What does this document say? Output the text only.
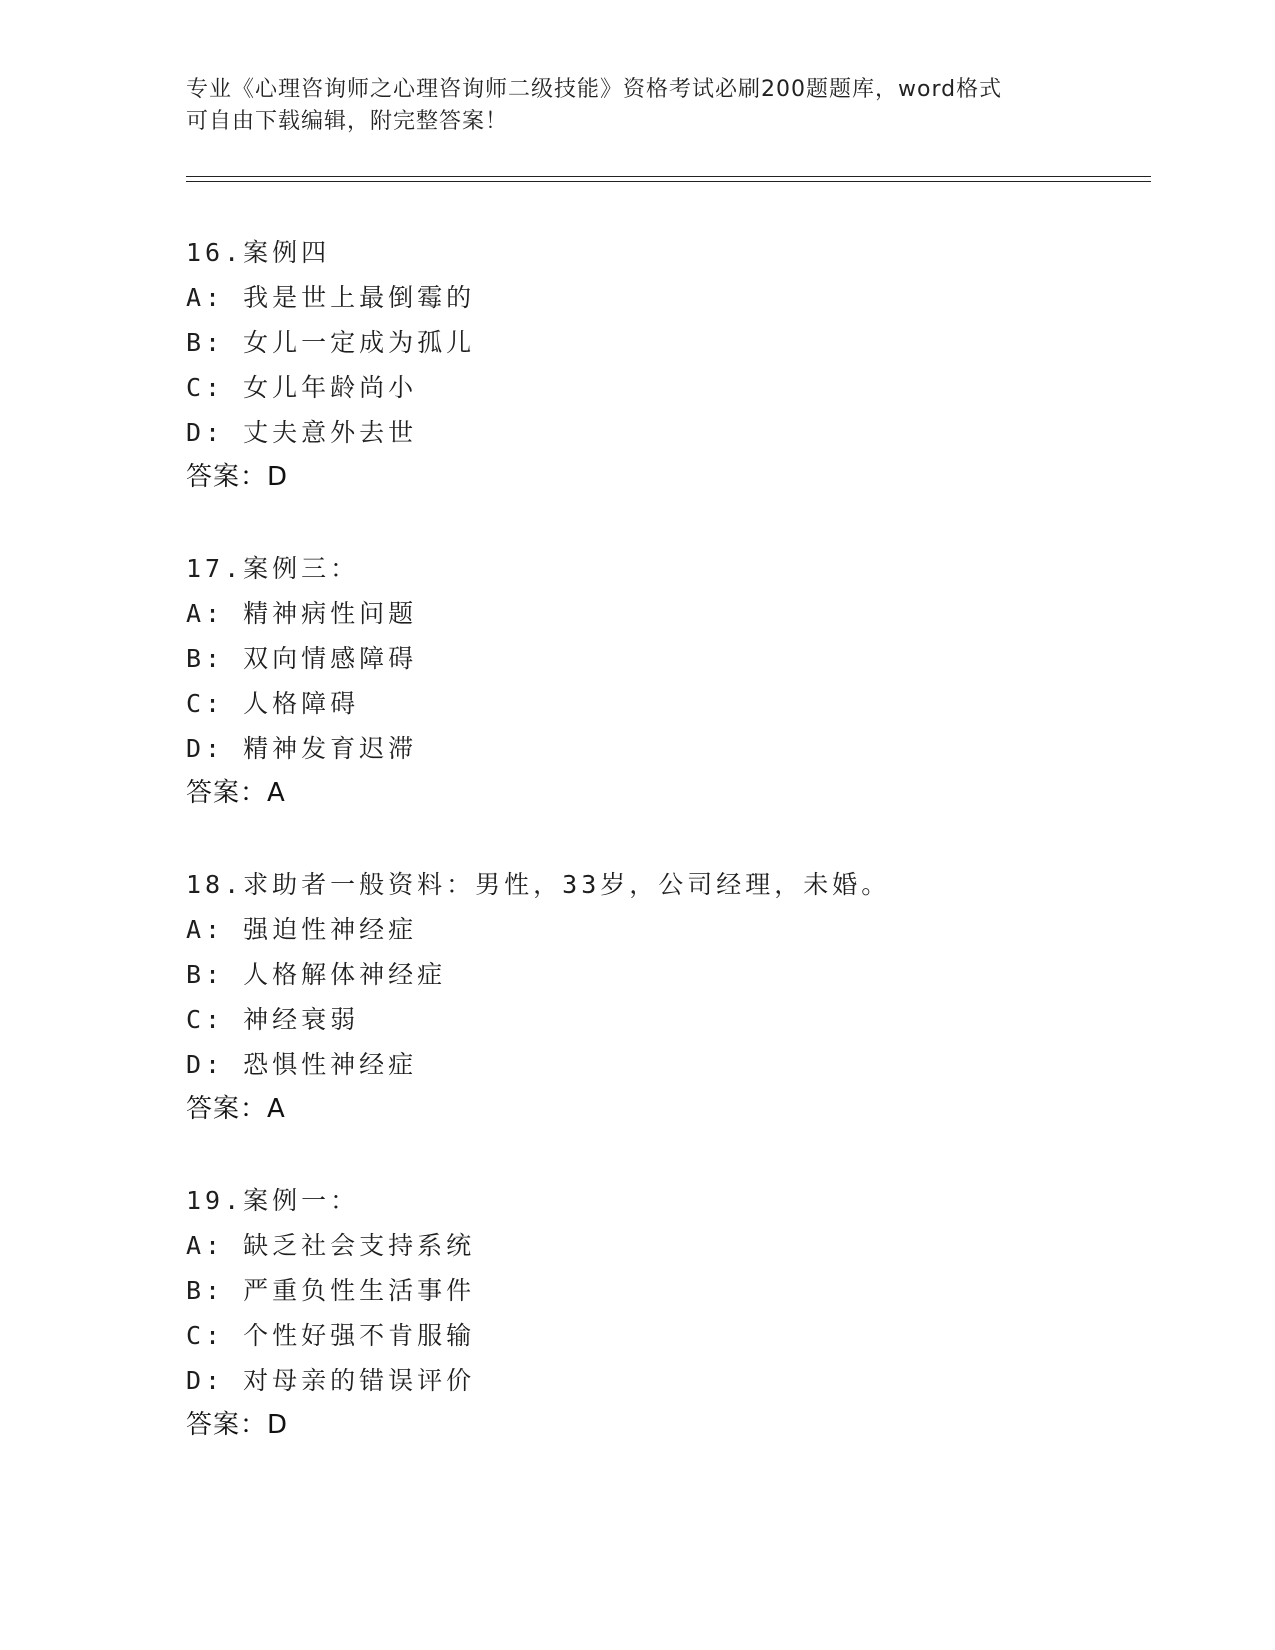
专业《心理咨询师之心理咨询师二级技能》资格考试必刷200题题库，word格式
可自由下载编辑，附完整答案！
16.案例四
A: 我是世上最倒霉的
B: 女儿一定成为孤儿
C: 女儿年龄尚小
D: 丈夫意外去世
答案：D
17.案例三：
A: 精神病性问题
B: 双向情感障碍
C: 人格障碍
D: 精神发育迟滞
答案：A
18.求助者一般资料：男性，33岁，公司经理，未婚。
A: 强迫性神经症
B: 人格解体神经症
C: 神经衰弱
D: 恐惧性神经症
答案：A
19.案例一：
A: 缺乏社会支持系统
B: 严重负性生活事件
C: 个性好强不肯服输
D: 对母亲的错误评价
答案：D
